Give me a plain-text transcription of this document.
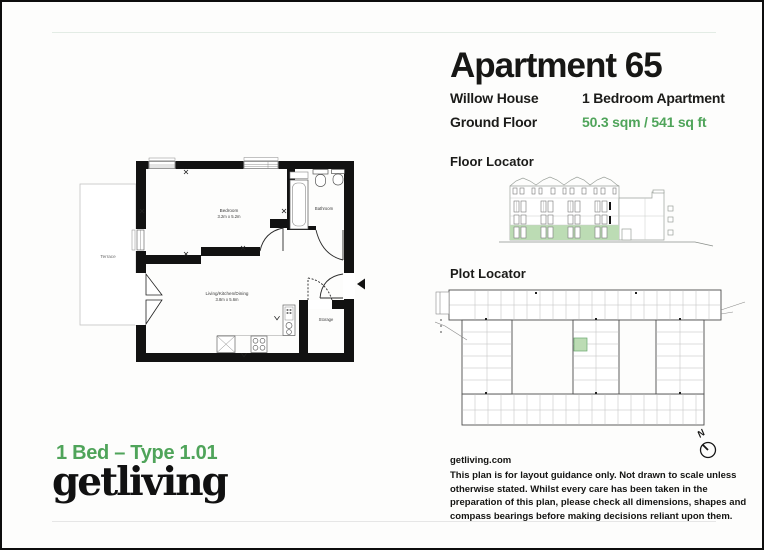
Apartment 65
Willow House	1 Bedroom Apartment
Ground Floor	50.3 sqm / 541 sq ft
Terrace
Bedroom
3.2m x 5.2m
Living/Kitchen/Dining
3.8m x 5.6m
Bathroom
Storage
Floor Locator
Plot Locator
N
getliving.com
This plan is for layout guidance only. Not drawn to scale unless otherwise stated. Whilst every care has been taken in the preparation of this plan, please check all dimensions, shapes and compass bearings before making decisions reliant upon them.
1 Bed – Type 1.01
getliving
